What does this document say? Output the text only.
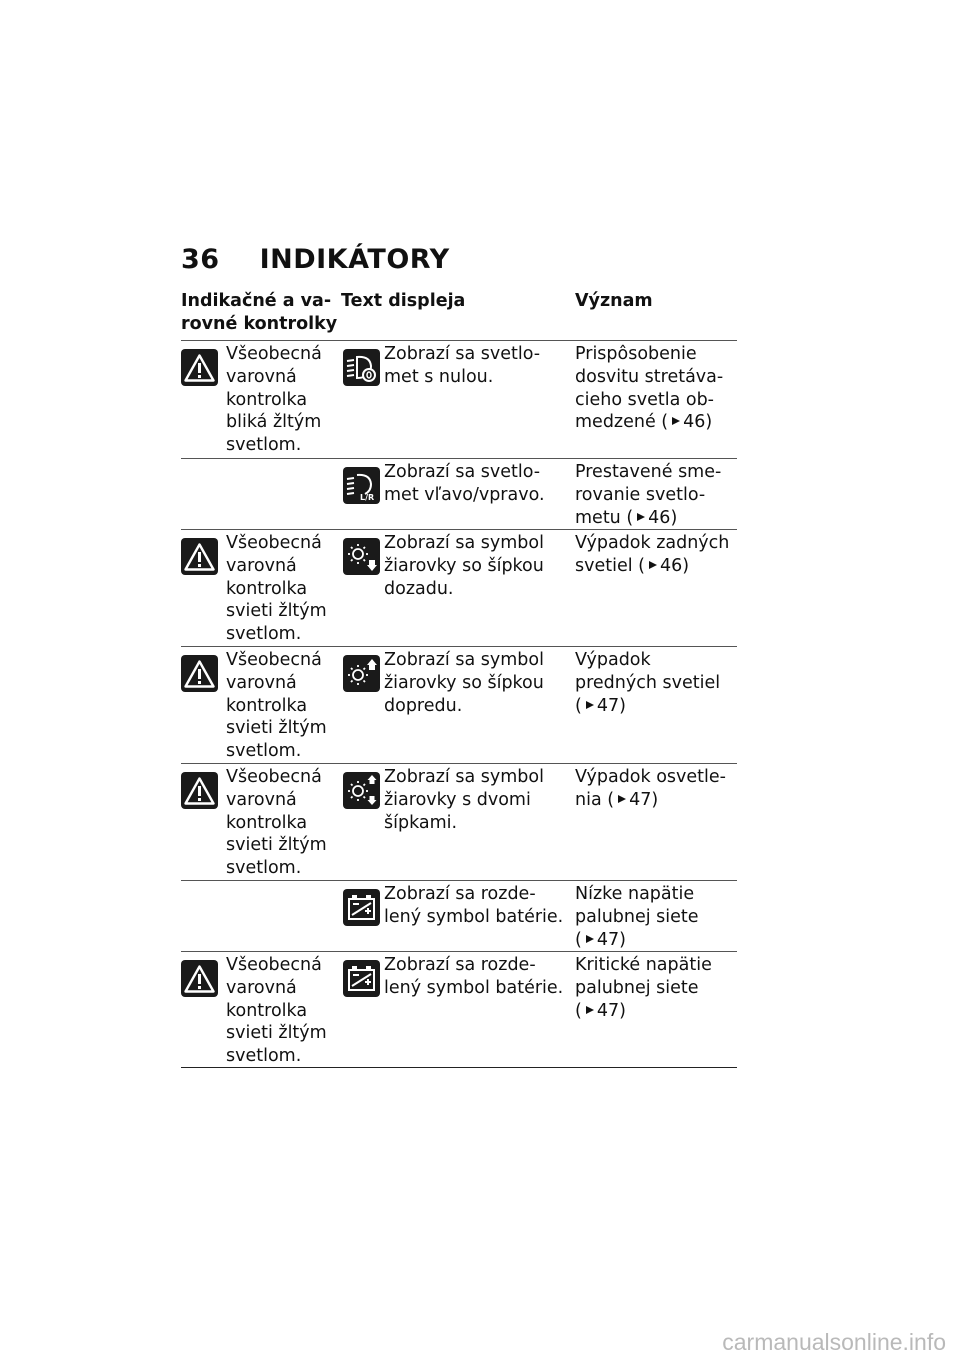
36 INDIKÁTORY
Indikačné a va-
rovné kontrolky
Text displeja	Význam
Všeobecná
varovná
kontrolka
bliká žltým
svetlom.
Zobrazí sa svetlo-
met s nulou.
Prispôsobenie
dosvitu stretáva-
cieho svetla ob-
medzené ( 46)
L/R
Zobrazí sa svetlo-
met vľavo/vpravo.
Prestavené sme-
rovanie svetlo-
metu ( 46)
Všeobecná
varovná
kontrolka
svieti žltým
svetlom.
Zobrazí sa symbol
žiarovky so šípkou
dozadu.
Výpadok zadných
svetiel ( 46)
Všeobecná
varovná
kontrolka
svieti žltým
svetlom.
Zobrazí sa symbol
žiarovky so šípkou
dopredu.
Výpadok
predných svetiel
( 47)
Všeobecná
varovná
kontrolka
svieti žltým
svetlom.
Zobrazí sa symbol
žiarovky s dvomi
šípkami.
Výpadok osvetle-
nia ( 47)
Zobrazí sa rozde-
lený symbol batérie.
Nízke napätie
palubnej siete
( 47)
Všeobecná
varovná
kontrolka
svieti žltým
svetlom.
Zobrazí sa rozde-
lený symbol batérie.
Kritické napätie
palubnej siete
( 47)
carmanualsonline.info
